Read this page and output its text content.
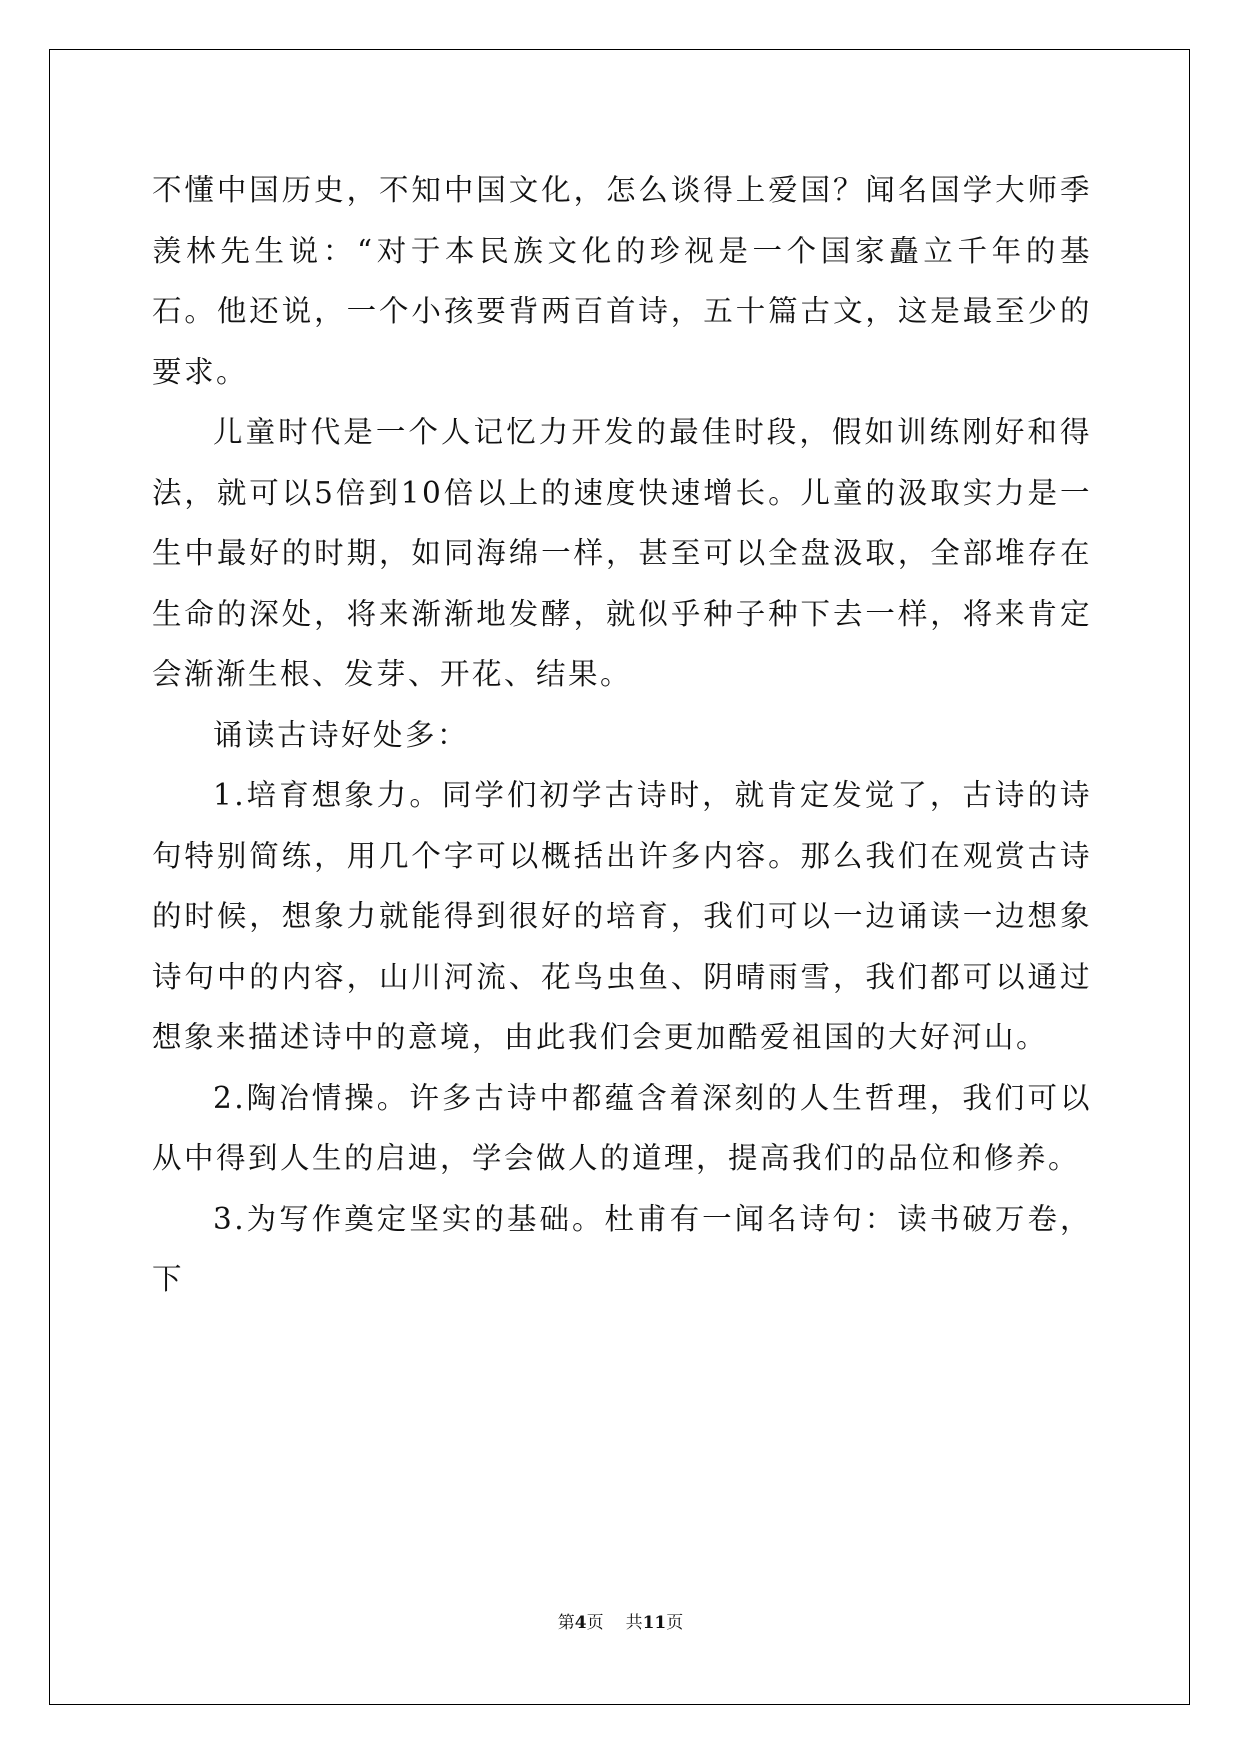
不懂中国历史，不知中国文化，怎么谈得上爱国？闻名国学大师季羡林先生说：“对于本民族文化的珍视是一个国家矗立千年的基石。他还说，一个小孩要背两百首诗，五十篇古文，这是最至少的要求。

儿童时代是一个人记忆力开发的最佳时段，假如训练刚好和得法，就可以5倍到10倍以上的速度快速增长。儿童的汲取实力是一生中最好的时期，如同海绵一样，甚至可以全盘汲取，全部堆存在生命的深处，将来渐渐地发酵，就似乎种子种下去一样，将来肯定会渐渐生根、发芽、开花、结果。

诵读古诗好处多：

1.培育想象力。同学们初学古诗时，就肯定发觉了，古诗的诗句特别简练，用几个字可以概括出许多内容。那么我们在观赏古诗的时候，想象力就能得到很好的培育，我们可以一边诵读一边想象诗句中的内容，山川河流、花鸟虫鱼、阴晴雨雪，我们都可以通过想象来描述诗中的意境，由此我们会更加酷爱祖国的大好河山。

2.陶冶情操。许多古诗中都蕴含着深刻的人生哲理，我们可以从中得到人生的启迪，学会做人的道理，提高我们的品位和修养。

3.为写作奠定坚实的基础。杜甫有一闻名诗句：读书破万卷，下

第4页 共11页
